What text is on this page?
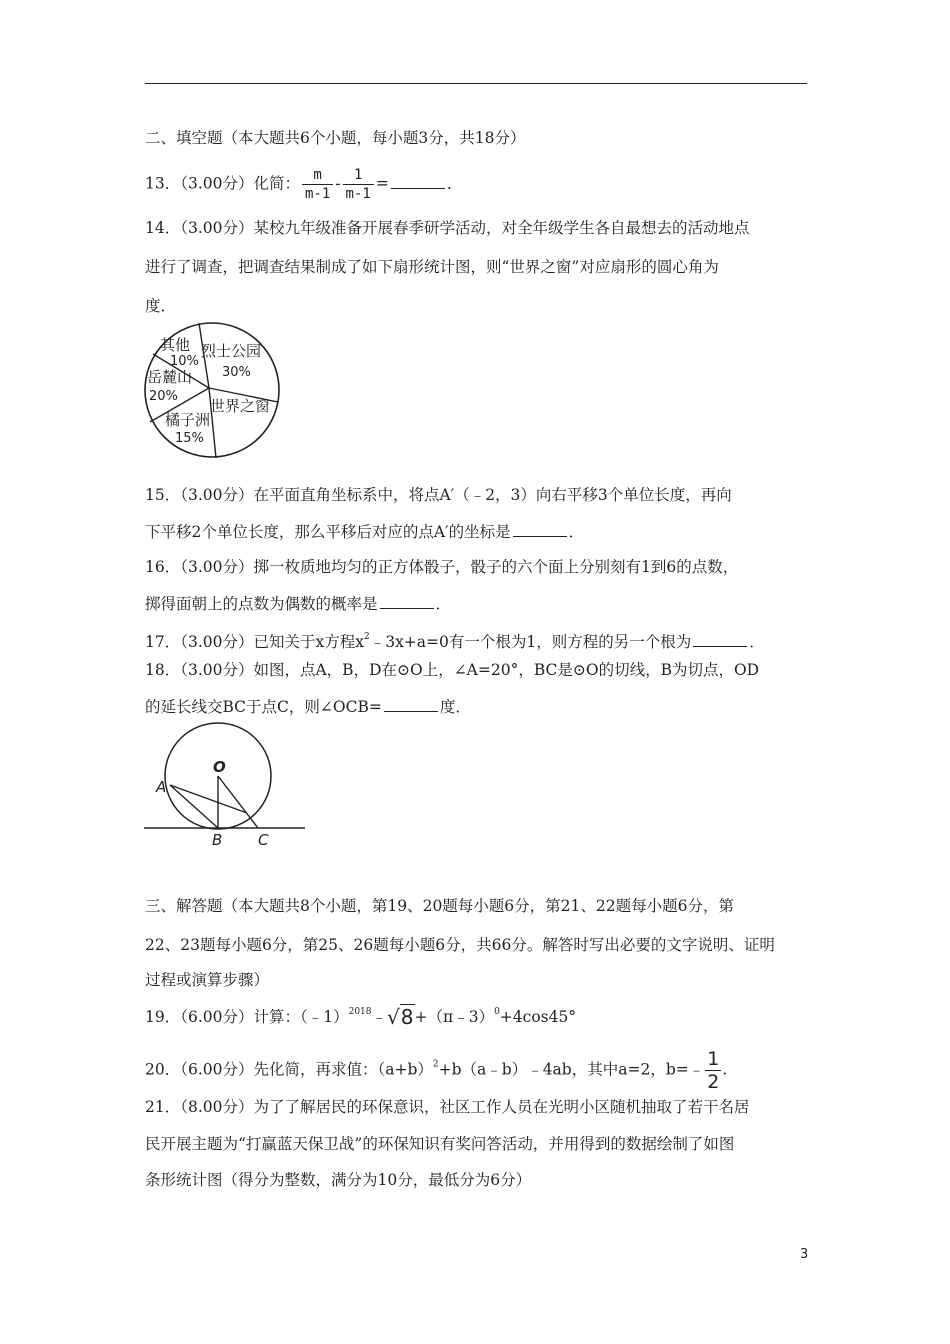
二、填空题（本大题共6个小题，每小题3分，共18分）
13．（3.00分）化简： $\frac{m}{m-1} - \frac{1}{m-1}$ =	．
14．（3.00分）某校九年级准备开展春季研学活动，对全年级学生各自最想去的活动地点
进行了调查，把调查结果制成了如下扇形统计图，则“世界之窗”对应扇形的圆心角为
度．
其他
10%
烈士公园
30%
岳麓山
20%
世界之窗
橘子洲
15%
15．（3.00分）在平面直角坐标系中，将点A′（﹣2，3）向右平移3个单位长度，再向
下平移2个单位长度，那么平移后对应的点A′的坐标是	．
16．（3.00分）掷一枚质地均匀的正方体骰子，骰子的六个面上分别刻有1到6的点数，
掷得面朝上的点数为偶数的概率是	．
17．（3.00分）已知关于x方程$x^2﹣3x+a=0$有一个根为1，则方程的另一个根为	．
18．（3.00分）如图，点A，B，D在⊙O上，∠A=20°，BC是⊙O的切线，B为切点，OD
的延长线交BC于点C，则∠OCB=	度．
O
A
B C
三、解答题（本大题共8个小题，第19、20题每小题6分，第21、22题每小题6分，第
22、23题每小题6分，第25、26题每小题6分，共66分。解答时写出必要的文字说明、证明
过程或演算步骤）
19．（6.00分）计算：（﹣1）$^{2018}$﹣√8+（π﹣3）$^0$+4cos45°
20．（6.00分）先化简，再求值：$(a+b)^2+b(a﹣b)﹣4ab$，其中a=2，b=﹣ $\frac{1}{2}$ .
21．（8.00分）为了了解居民的环保意识，社区工作人员在光明小区随机抽取了若干名居
民开展主题为“打赢蓝天保卫战”的环保知识有奖问答活动，并用得到的数据绘制了如图
条形统计图（得分为整数，满分为10分，最低分为6分）
3
